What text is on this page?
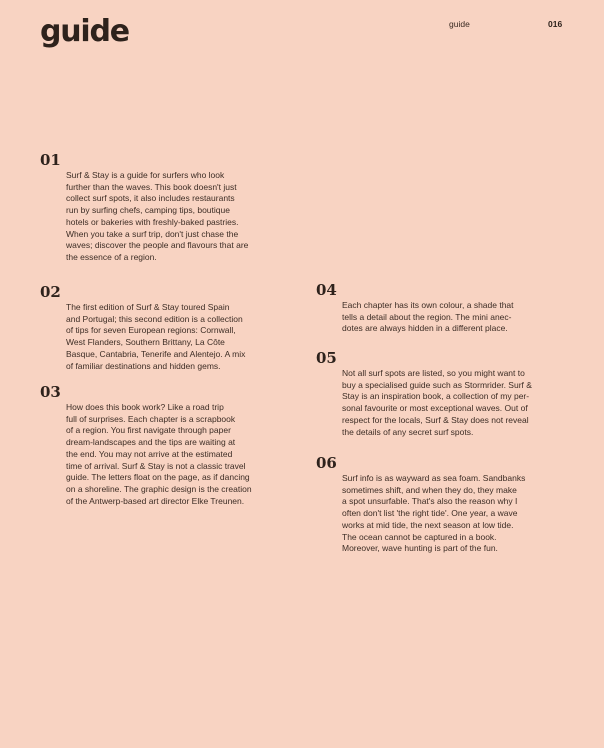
guide	guide	016
01

Surf & Stay is a guide for surfers who look
further than the waves. This book doesn't just
collect surf spots, it also includes restaurants
run by surfing chefs, camping tips, boutique
hotels or bakeries with freshly-baked pastries.
When you take a surf trip, don't just chase the
waves; discover the people and flavours that are
the essence of a region.

02

The first edition of Surf & Stay toured Spain
and Portugal; this second edition is a collection
of tips for seven European regions: Cornwall,
West Flanders, Southern Brittany, La Côte
Basque, Cantabria, Tenerife and Alentejo. A mix
of familiar destinations and hidden gems.

03

How does this book work? Like a road trip
full of surprises. Each chapter is a scrapbook
of a region. You first navigate through paper
dream-landscapes and the tips are waiting at
the end. You may not arrive at the estimated
time of arrival. Surf & Stay is not a classic travel
guide. The letters float on the page, as if dancing
on a shoreline. The graphic design is the creation
of the Antwerp-based art director Elke Treunen.

04

Each chapter has its own colour, a shade that
tells a detail about the region. The mini anec-
dotes are always hidden in a different place.

05

Not all surf spots are listed, so you might want to
buy a specialised guide such as Stormrider. Surf &
Stay is an inspiration book, a collection of my per-
sonal favourite or most exceptional waves. Out of
respect for the locals, Surf & Stay does not reveal
the details of any secret surf spots.

06

Surf info is as wayward as sea foam. Sandbanks
sometimes shift, and when they do, they make
a spot unsurfable. That's also the reason why I
often don't list 'the right tide'. One year, a wave
works at mid tide, the next season at low tide.
The ocean cannot be captured in a book.
Moreover, wave hunting is part of the fun.
